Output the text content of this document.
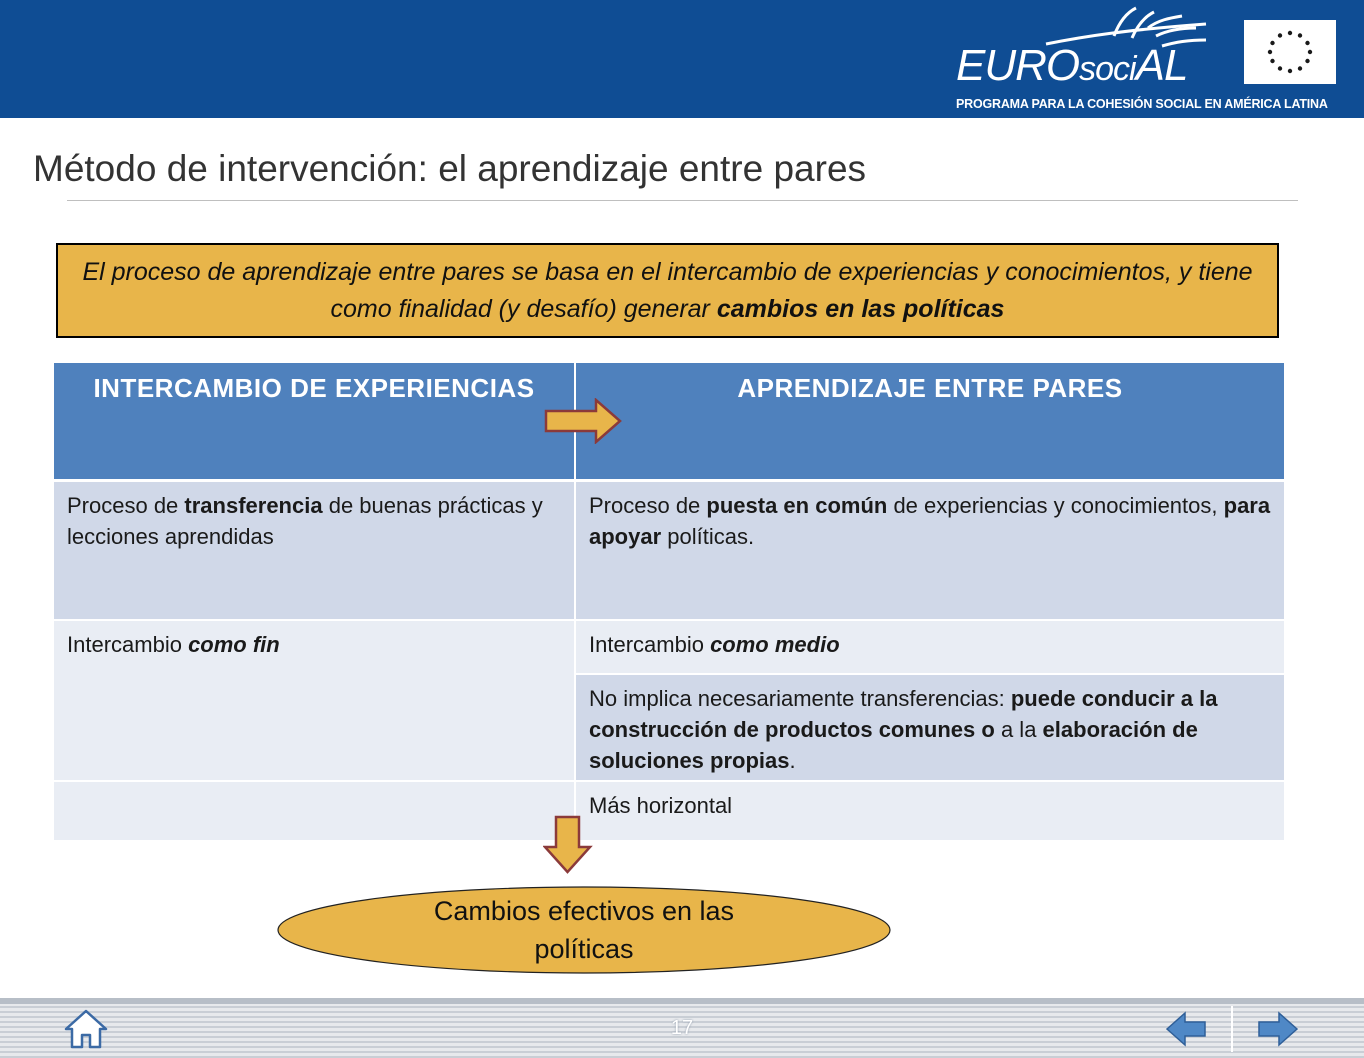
EUROsociAL
PROGRAMA PARA LA COHESIÓN SOCIAL EN AMÉRICA LATINA
Método de intervención: el aprendizaje entre pares
El proceso de aprendizaje entre pares se basa en el intercambio de experiencias y conocimientos, y tiene como finalidad (y desafío) generar cambios en las políticas
INTERCAMBIO DE EXPERIENCIAS	APRENDIZAJE ENTRE PARES
Proceso de transferencia de buenas prácticas y lecciones aprendidas
Proceso de puesta en común de experiencias y conocimientos, para apoyar políticas.
Intercambio como fin	Intercambio como medio
No implica necesariamente transferencias: puede conducir a la construcción de productos comunes o a la elaboración de soluciones propias.
Más horizontal
Cambios efectivos en las políticas
17
